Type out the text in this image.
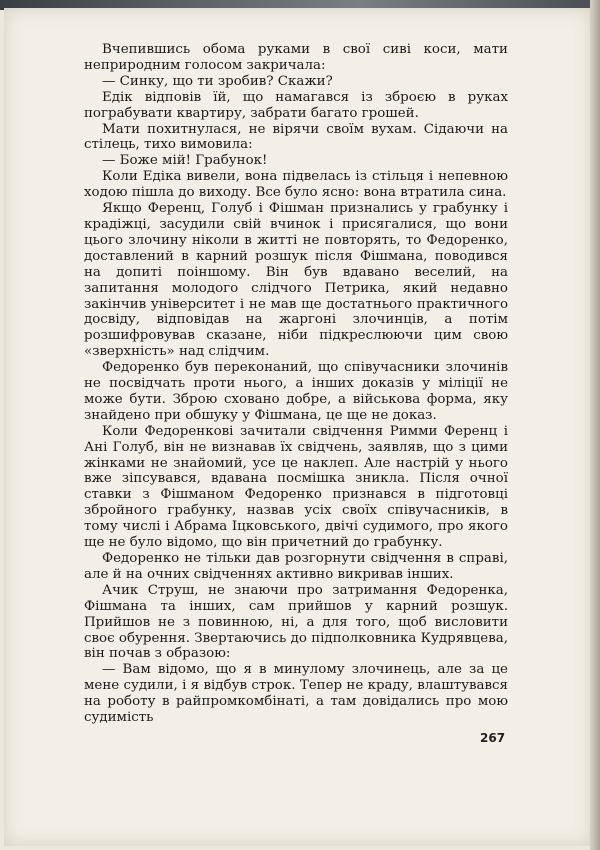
Вчепившись обома руками в свої сиві коси, мати неприродним голосом закричала:

— Синку, що ти зробив? Скажи?

Едік відповів їй, що намагався із зброєю в руках пограбувати квартиру, забрати багато грошей.

Мати похитнулася, не вірячи своїм вухам. Сідаючи на стілець, тихо вимовила:

— Боже мій! Грабунок!

Коли Едіка вивели, вона підвелась із стільця і непевною ходою пішла до виходу. Все було ясно: вона втратила сина.

Якщо Ференц, Голуб і Фішман признались у грабунку і крадіжці, засудили свій вчинок і присягалися, що вони цього злочину ніколи в житті не повторять, то Федоренко, доставлений в карний розшук після Фішмана, поводився на допиті поіншому. Він був вдавано веселий, на запитання молодого слідчого Петрика, який недавно закінчив університет і не мав ще достатнього практичного досвіду, відповідав на жаргоні злочинців, а потім розшифровував сказане, ніби підкреслюючи цим свою «зверхність» над слідчим.

Федоренко був переконаний, що співучасники злочинів не посвідчать проти нього, а інших доказів у міліції не може бути. Зброю сховано добре, а військова форма, яку знайдено при обшуку у Фішмана, це ще не доказ.

Коли Федоренкові зачитали свідчення Римми Ференц і Ані Голуб, він не визнавав їх свідчень, заявляв, що з цими жінками не знайомий, усе це наклеп. Але настрій у нього вже зіпсувався, вдавана посмішка зникла. Після очної ставки з Фішманом Федоренко признався в підготовці збройного грабунку, назвав усіх своїх співучасників, в тому числі і Абрама Іцковського, двічі судимого, про якого ще не було відомо, що він причетний до грабунку.

Федоренко не тільки дав розгорнути свідчення в справі, але й на очних свідченнях активно викривав інших.

Ачик Струш, не знаючи про затримання Федоренка, Фішмана та інших, сам прийшов у карний розшук. Прийшов не з повинною, ні, а для того, щоб висловити своє обурення. Звертаючись до підполковника Кудрявцева, він почав з образою:

— Вам відомо, що я в минулому злочинець, але за це мене судили, і я відбув строк. Тепер не краду, влаштувався на роботу в райпромкомбінаті, а там довідались про мою судимість

267
